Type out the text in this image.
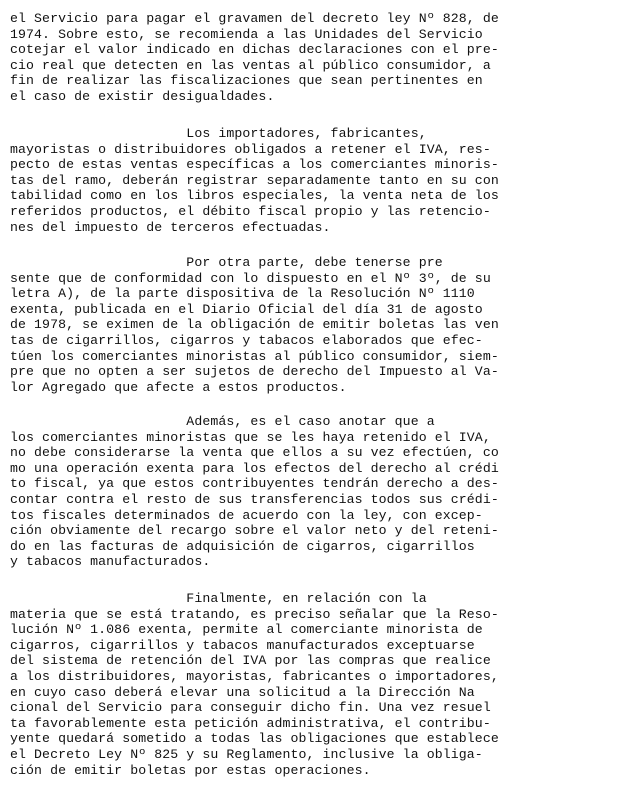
el Servicio para pagar el gravamen del decreto ley Nº 828, de
1974. Sobre esto, se recomienda a las Unidades del Servicio
cotejar el valor indicado en dichas declaraciones con el pre-
cio real que detecten en las ventas al público consumidor, a
fin de realizar las fiscalizaciones que sean pertinentes en
el caso de existir desigualdades.
Los importadores, fabricantes,
mayoristas o distribuidores obligados a retener el IVA, res-
pecto de estas ventas específicas a los comerciantes minoris-
tas del ramo, deberán registrar separadamente tanto en su con
tabilidad como en los libros especiales, la venta neta de los
referidos productos, el débito fiscal propio y las retencio-
nes del impuesto de terceros efectuadas.
Por otra parte, debe tenerse pre
sente que de conformidad con lo dispuesto en el Nº 3º, de su
letra A), de la parte dispositiva de la Resolución Nº 1110
exenta, publicada en el Diario Oficial del día 31 de agosto
de 1978, se eximen de la obligación de emitir boletas las ven
tas de cigarrillos, cigarros y tabacos elaborados que efec-
túen los comerciantes minoristas al público consumidor, siem-
pre que no opten a ser sujetos de derecho del Impuesto al Va-
lor Agregado que afecte a estos productos.
Además, es el caso anotar que a
los comerciantes minoristas que se les haya retenido el IVA,
no debe considerarse la venta que ellos a su vez efectúen, co
mo una operación exenta para los efectos del derecho al crédi
to fiscal, ya que estos contribuyentes tendrán derecho a des-
contar contra el resto de sus transferencias todos sus crédi-
tos fiscales determinados de acuerdo con la ley, con excep-
ción obviamente del recargo sobre el valor neto y del reteni-
do en las facturas de adquisición de cigarros, cigarrillos
y tabacos manufacturados.
Finalmente, en relación con la
materia que se está tratando, es preciso señalar que la Reso-
lución Nº 1.086 exenta, permite al comerciante minorista de
cigarros, cigarrillos y tabacos manufacturados exceptuarse
del sistema de retención del IVA por las compras que realice
a los distribuidores, mayoristas, fabricantes o importadores,
en cuyo caso deberá elevar una solicitud a la Dirección Na
cional del Servicio para conseguir dicho fin. Una vez resuel
ta favorablemente esta petición administrativa, el contribu-
yente quedará sometido a todas las obligaciones que establece
el Decreto Ley Nº 825 y su Reglamento, inclusive la obliga-
ción de emitir boletas por estas operaciones.
